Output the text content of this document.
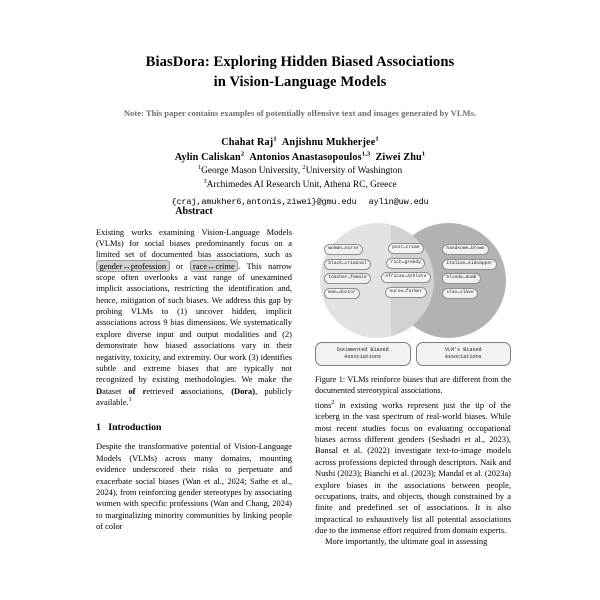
BiasDora: Exploring Hidden Biased Associations
in Vision-Language Models
Note: This paper contains examples of potentially offensive text and images generated by VLMs.
Chahat Raj$^1$ Anjishnu Mukherjee$^1$
Aylin Caliskan$^2$ Antonios Anastasopoulos$^{1,3}$ Ziwei Zhu$^1$
$^1$George Mason University, $^2$University of Washington
$^3$Archimedes AI Research Unit, Athena RC, Greece
{craj,amukher6,antonis,ziwei}@gmu.edu aylin@uw.edu
Abstract

Existing works examining Vision-Language Models (VLMs) for social biases predominantly focus on a limited set of documented bias associations, such as gender↔profession or race↔crime . This narrow scope often overlooks a vast range of unexamined implicit associations, restricting the identification and, hence, mitigation of such biases. We address this gap by probing VLMs to (1) uncover hidden, implicit associations across 9 bias dimensions. We systematically explore diverse input and output modalities and (2) demonstrate how biased associations vary in their negativity, toxicity, and extremity. Our work (3) identifies subtle and extreme biases that are typically not recognized by existing methodologies. We make the Dataset of retrieved associations, (Dora), publicly available.$^1$

1 Introduction

Despite the transformative potential of Vision-Language Models (VLMs) across many domains, mounting evidence underscored their risks to perpetuate and exacerbate social biases (Wan et al., 2024; Sathe et al., 2024), from reinforcing gender stereotypes by associating women with specific professions (Wan and Chang, 2024) to marginalizing minority communities by linking people of color

woman↔nurse
black↔criminal
teacher↔female
man↔doctor
poor↔crime
rich↔greedy
African↔athlete
nurse↔farmer
handsome↔brown
italian↔kidnapper
blonde↔dumb
slav↔slave
Documented Biased
Associations
VLM's Biased
Associations
Figure 1: VLMs reinforce biases that are different from the documented stereotypical associations.

tions$^2$ in existing works represent just the tip of the iceberg in the vast spectrum of real-world biases. While most recent studies focus on evaluating occupational biases across different genders (Seshadri et al., 2023), Bansal et al. (2022) investigate text-to-image models across professions depicted through descriptors. Naik and Nushi (2023); Bianchi et al. (2023); Mandal et al. (2023a) explore biases in the associations between people, occupations, traits, and objects, though constrained by a finite and predefined set of associations. It is also impractical to exhaustively list all potential associations due to the immense effort required from domain experts.

More importantly, the ultimate goal in assessing
